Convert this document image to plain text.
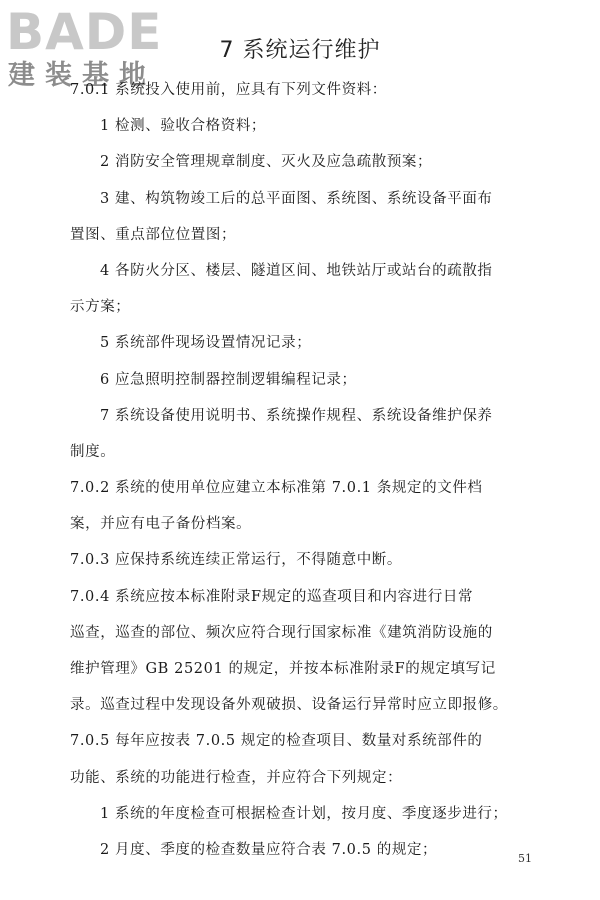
BADE
建装基地
7 系统运行维护
7.0.1 系统投入使用前，应具有下列文件资料：
1 检测、验收合格资料；
2 消防安全管理规章制度、灭火及应急疏散预案；
3 建、构筑物竣工后的总平面图、系统图、系统设备平面布
置图、重点部位位置图；
4 各防火分区、楼层、隧道区间、地铁站厅或站台的疏散指
示方案；
5 系统部件现场设置情况记录；
6 应急照明控制器控制逻辑编程记录；
7 系统设备使用说明书、系统操作规程、系统设备维护保养
制度。
7.0.2 系统的使用单位应建立本标准第 7.0.1 条规定的文件档
案，并应有电子备份档案。
7.0.3 应保持系统连续正常运行，不得随意中断。
7.0.4 系统应按本标准附录F规定的巡查项目和内容进行日常
巡查，巡查的部位、频次应符合现行国家标准《建筑消防设施的
维护管理》GB 25201 的规定，并按本标准附录F的规定填写记
录。巡查过程中发现设备外观破损、设备运行异常时应立即报修。
7.0.5 每年应按表 7.0.5 规定的检查项目、数量对系统部件的
功能、系统的功能进行检查，并应符合下列规定：
1 系统的年度检查可根据检查计划，按月度、季度逐步进行；
2 月度、季度的检查数量应符合表 7.0.5 的规定；
51
